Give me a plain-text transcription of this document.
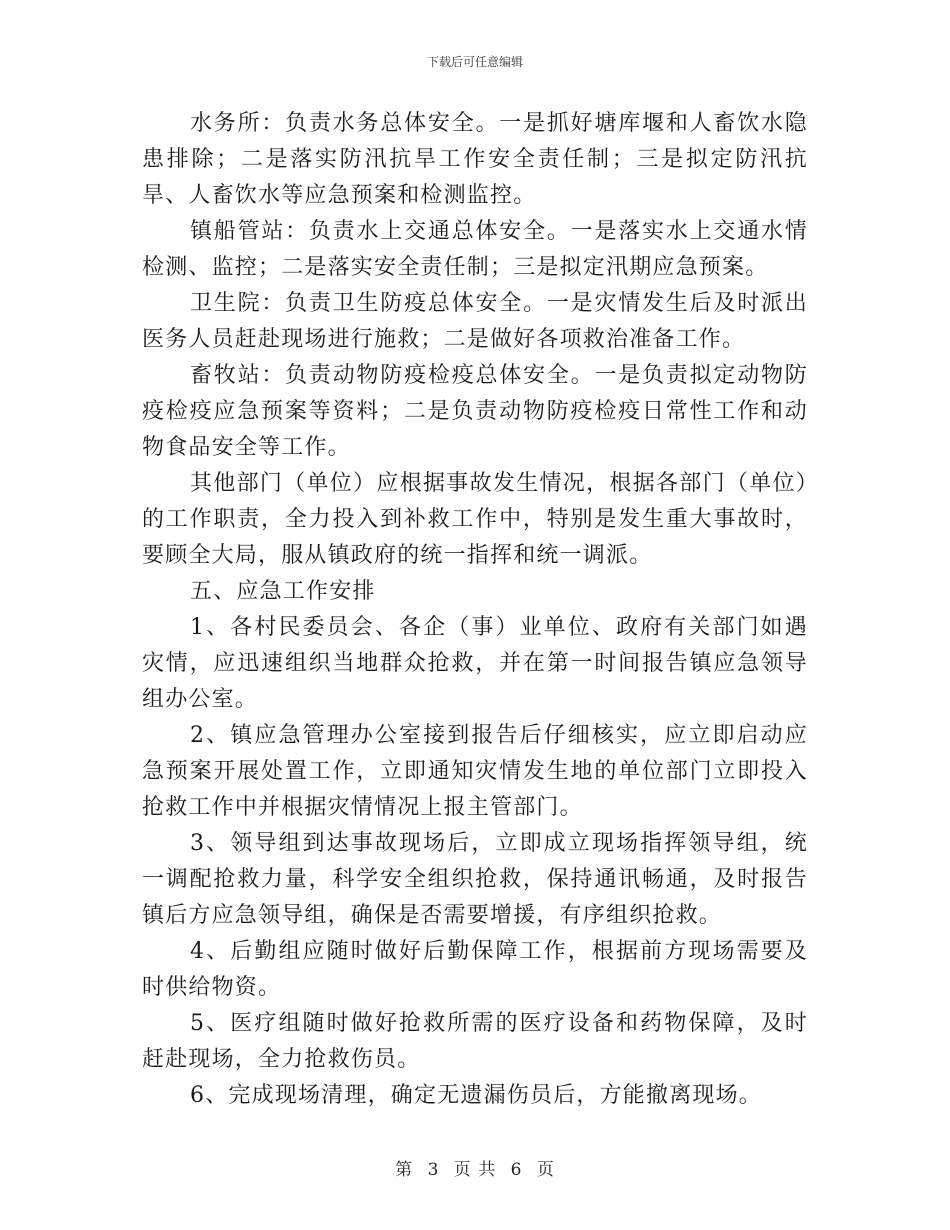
下载后可任意编辑

水务所：负责水务总体安全。一是抓好塘库堰和人畜饮水隐患排除；二是落实防汛抗旱工作安全责任制；三是拟定防汛抗旱、人畜饮水等应急预案和检测监控。

镇船管站：负责水上交通总体安全。一是落实水上交通水情检测、监控；二是落实安全责任制；三是拟定汛期应急预案。

卫生院：负责卫生防疫总体安全。一是灾情发生后及时派出医务人员赶赴现场进行施救；二是做好各项救治准备工作。

畜牧站：负责动物防疫检疫总体安全。一是负责拟定动物防疫检疫应急预案等资料；二是负责动物防疫检疫日常性工作和动物食品安全等工作。

其他部门（单位）应根据事故发生情况，根据各部门（单位）的工作职责，全力投入到补救工作中，特别是发生重大事故时，要顾全大局，服从镇政府的统一指挥和统一调派。

五、应急工作安排

1、各村民委员会、各企（事）业单位、政府有关部门如遇灾情，应迅速组织当地群众抢救，并在第一时间报告镇应急领导组办公室。

2、镇应急管理办公室接到报告后仔细核实，应立即启动应急预案开展处置工作，立即通知灾情发生地的单位部门立即投入抢救工作中并根据灾情情况上报主管部门。

3、领导组到达事故现场后，立即成立现场指挥领导组，统一调配抢救力量，科学安全组织抢救，保持通讯畅通，及时报告镇后方应急领导组，确保是否需要增援，有序组织抢救。

4、后勤组应随时做好后勤保障工作，根据前方现场需要及时供给物资。

5、医疗组随时做好抢救所需的医疗设备和药物保障，及时赶赴现场，全力抢救伤员。

6、完成现场清理，确定无遗漏伤员后，方能撤离现场。

第 3 页 共 6 页
